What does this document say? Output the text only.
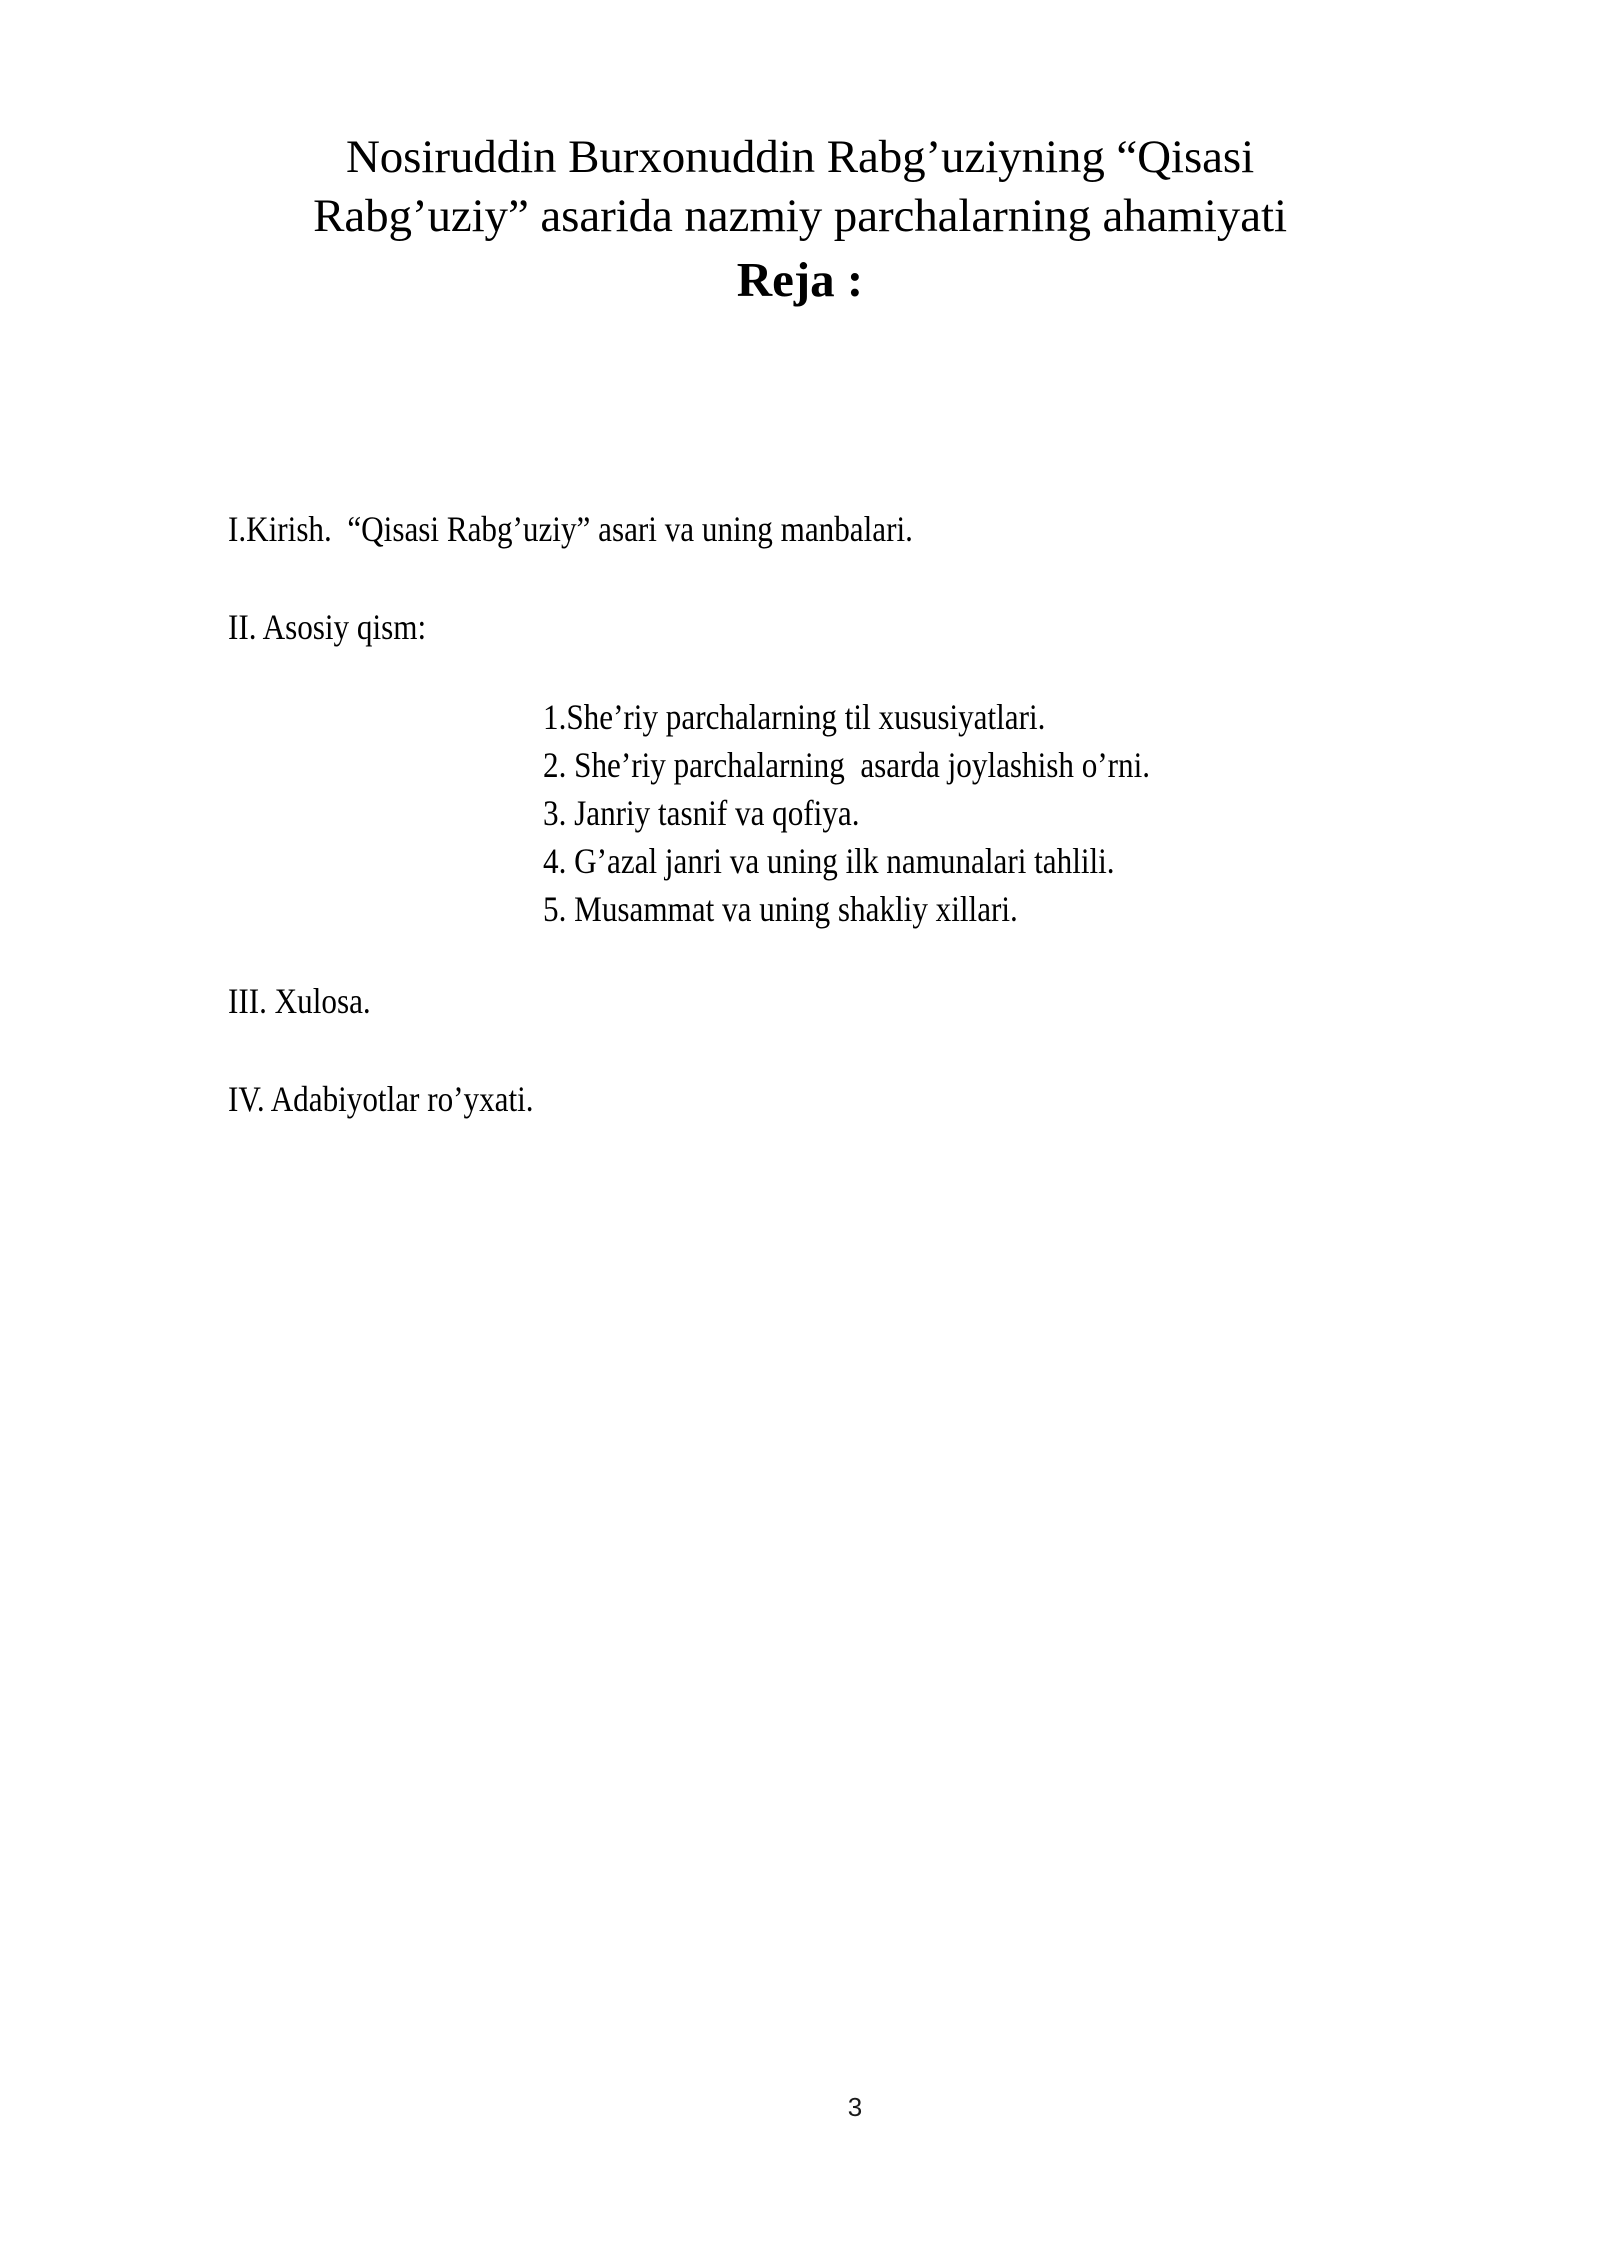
Nosiruddin Burxonuddin Rabg’uziyning “Qisasi
Rabg’uziy” asarida nazmiy parchalarning ahamiyati
Reja :
I.Kirish.  “Qisasi Rabg’uziy” asari va uning manbalari.
II. Asosiy qism:
1.She’riy parchalarning til xususiyatlari.
2. She’riy parchalarning  asarda joylashish o’rni.
3. Janriy tasnif va qofiya.
4. G’azal janri va uning ilk namunalari tahlili.
5. Musammat va uning shakliy xillari.
III. Xulosa.
IV. Adabiyotlar ro’yxati.
3
